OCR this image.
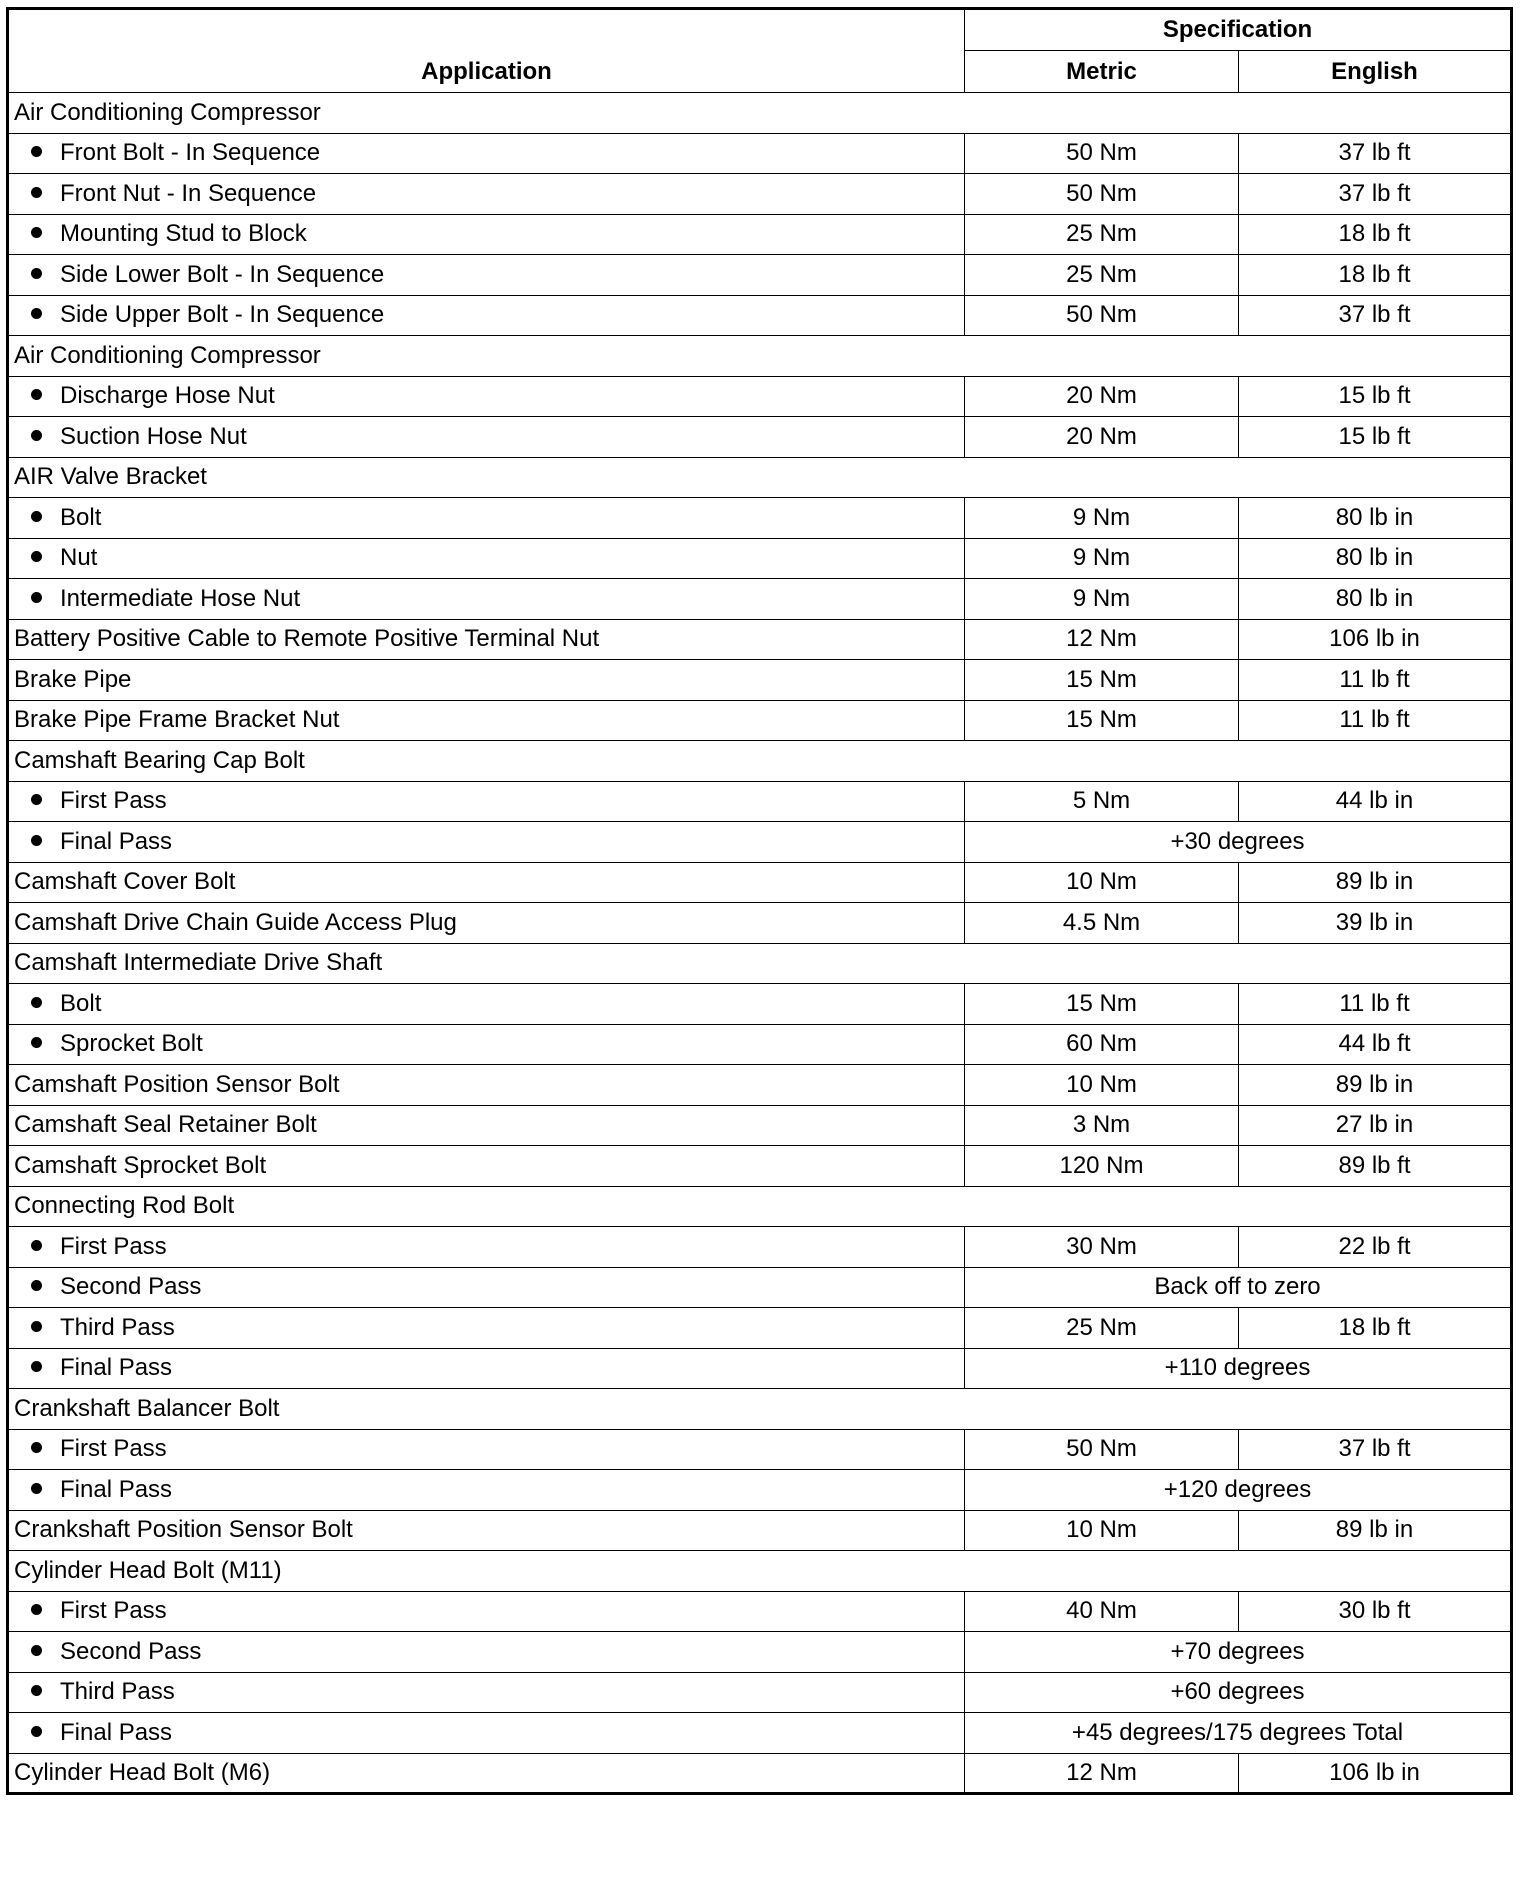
Application	Specification	
	Metric	English
Air Conditioning Compressor		
Front Bolt - In Sequence	50 Nm	37 lb ft
Front Nut - In Sequence	50 Nm	37 lb ft
Mounting Stud to Block	25 Nm	18 lb ft
Side Lower Bolt - In Sequence	25 Nm	18 lb ft
Side Upper Bolt - In Sequence	50 Nm	37 lb ft
Air Conditioning Compressor		
Discharge Hose Nut	20 Nm	15 lb ft
Suction Hose Nut	20 Nm	15 lb ft
AIR Valve Bracket		
Bolt	9 Nm	80 lb in
Nut	9 Nm	80 lb in
Intermediate Hose Nut	9 Nm	80 lb in
Battery Positive Cable to Remote Positive Terminal Nut	12 Nm	106 lb in
Brake Pipe	15 Nm	11 lb ft
Brake Pipe Frame Bracket Nut	15 Nm	11 lb ft
Camshaft Bearing Cap Bolt		
First Pass	5 Nm	44 lb in
Final Pass	+30 degrees	
Camshaft Cover Bolt	10 Nm	89 lb in
Camshaft Drive Chain Guide Access Plug	4.5 Nm	39 lb in
Camshaft Intermediate Drive Shaft		
Bolt	15 Nm	11 lb ft
Sprocket Bolt	60 Nm	44 lb ft
Camshaft Position Sensor Bolt	10 Nm	89 lb in
Camshaft Seal Retainer Bolt	3 Nm	27 lb in
Camshaft Sprocket Bolt	120 Nm	89 lb ft
Connecting Rod Bolt		
First Pass	30 Nm	22 lb ft
Second Pass	Back off to zero	
Third Pass	25 Nm	18 lb ft
Final Pass	+110 degrees	
Crankshaft Balancer Bolt		
First Pass	50 Nm	37 lb ft
Final Pass	+120 degrees	
Crankshaft Position Sensor Bolt	10 Nm	89 lb in
Cylinder Head Bolt (M11)		
First Pass	40 Nm	30 lb ft
Second Pass	+70 degrees	
Third Pass	+60 degrees	
Final Pass	+45 degrees/175 degrees Total	
Cylinder Head Bolt (M6)	12 Nm	106 lb in
